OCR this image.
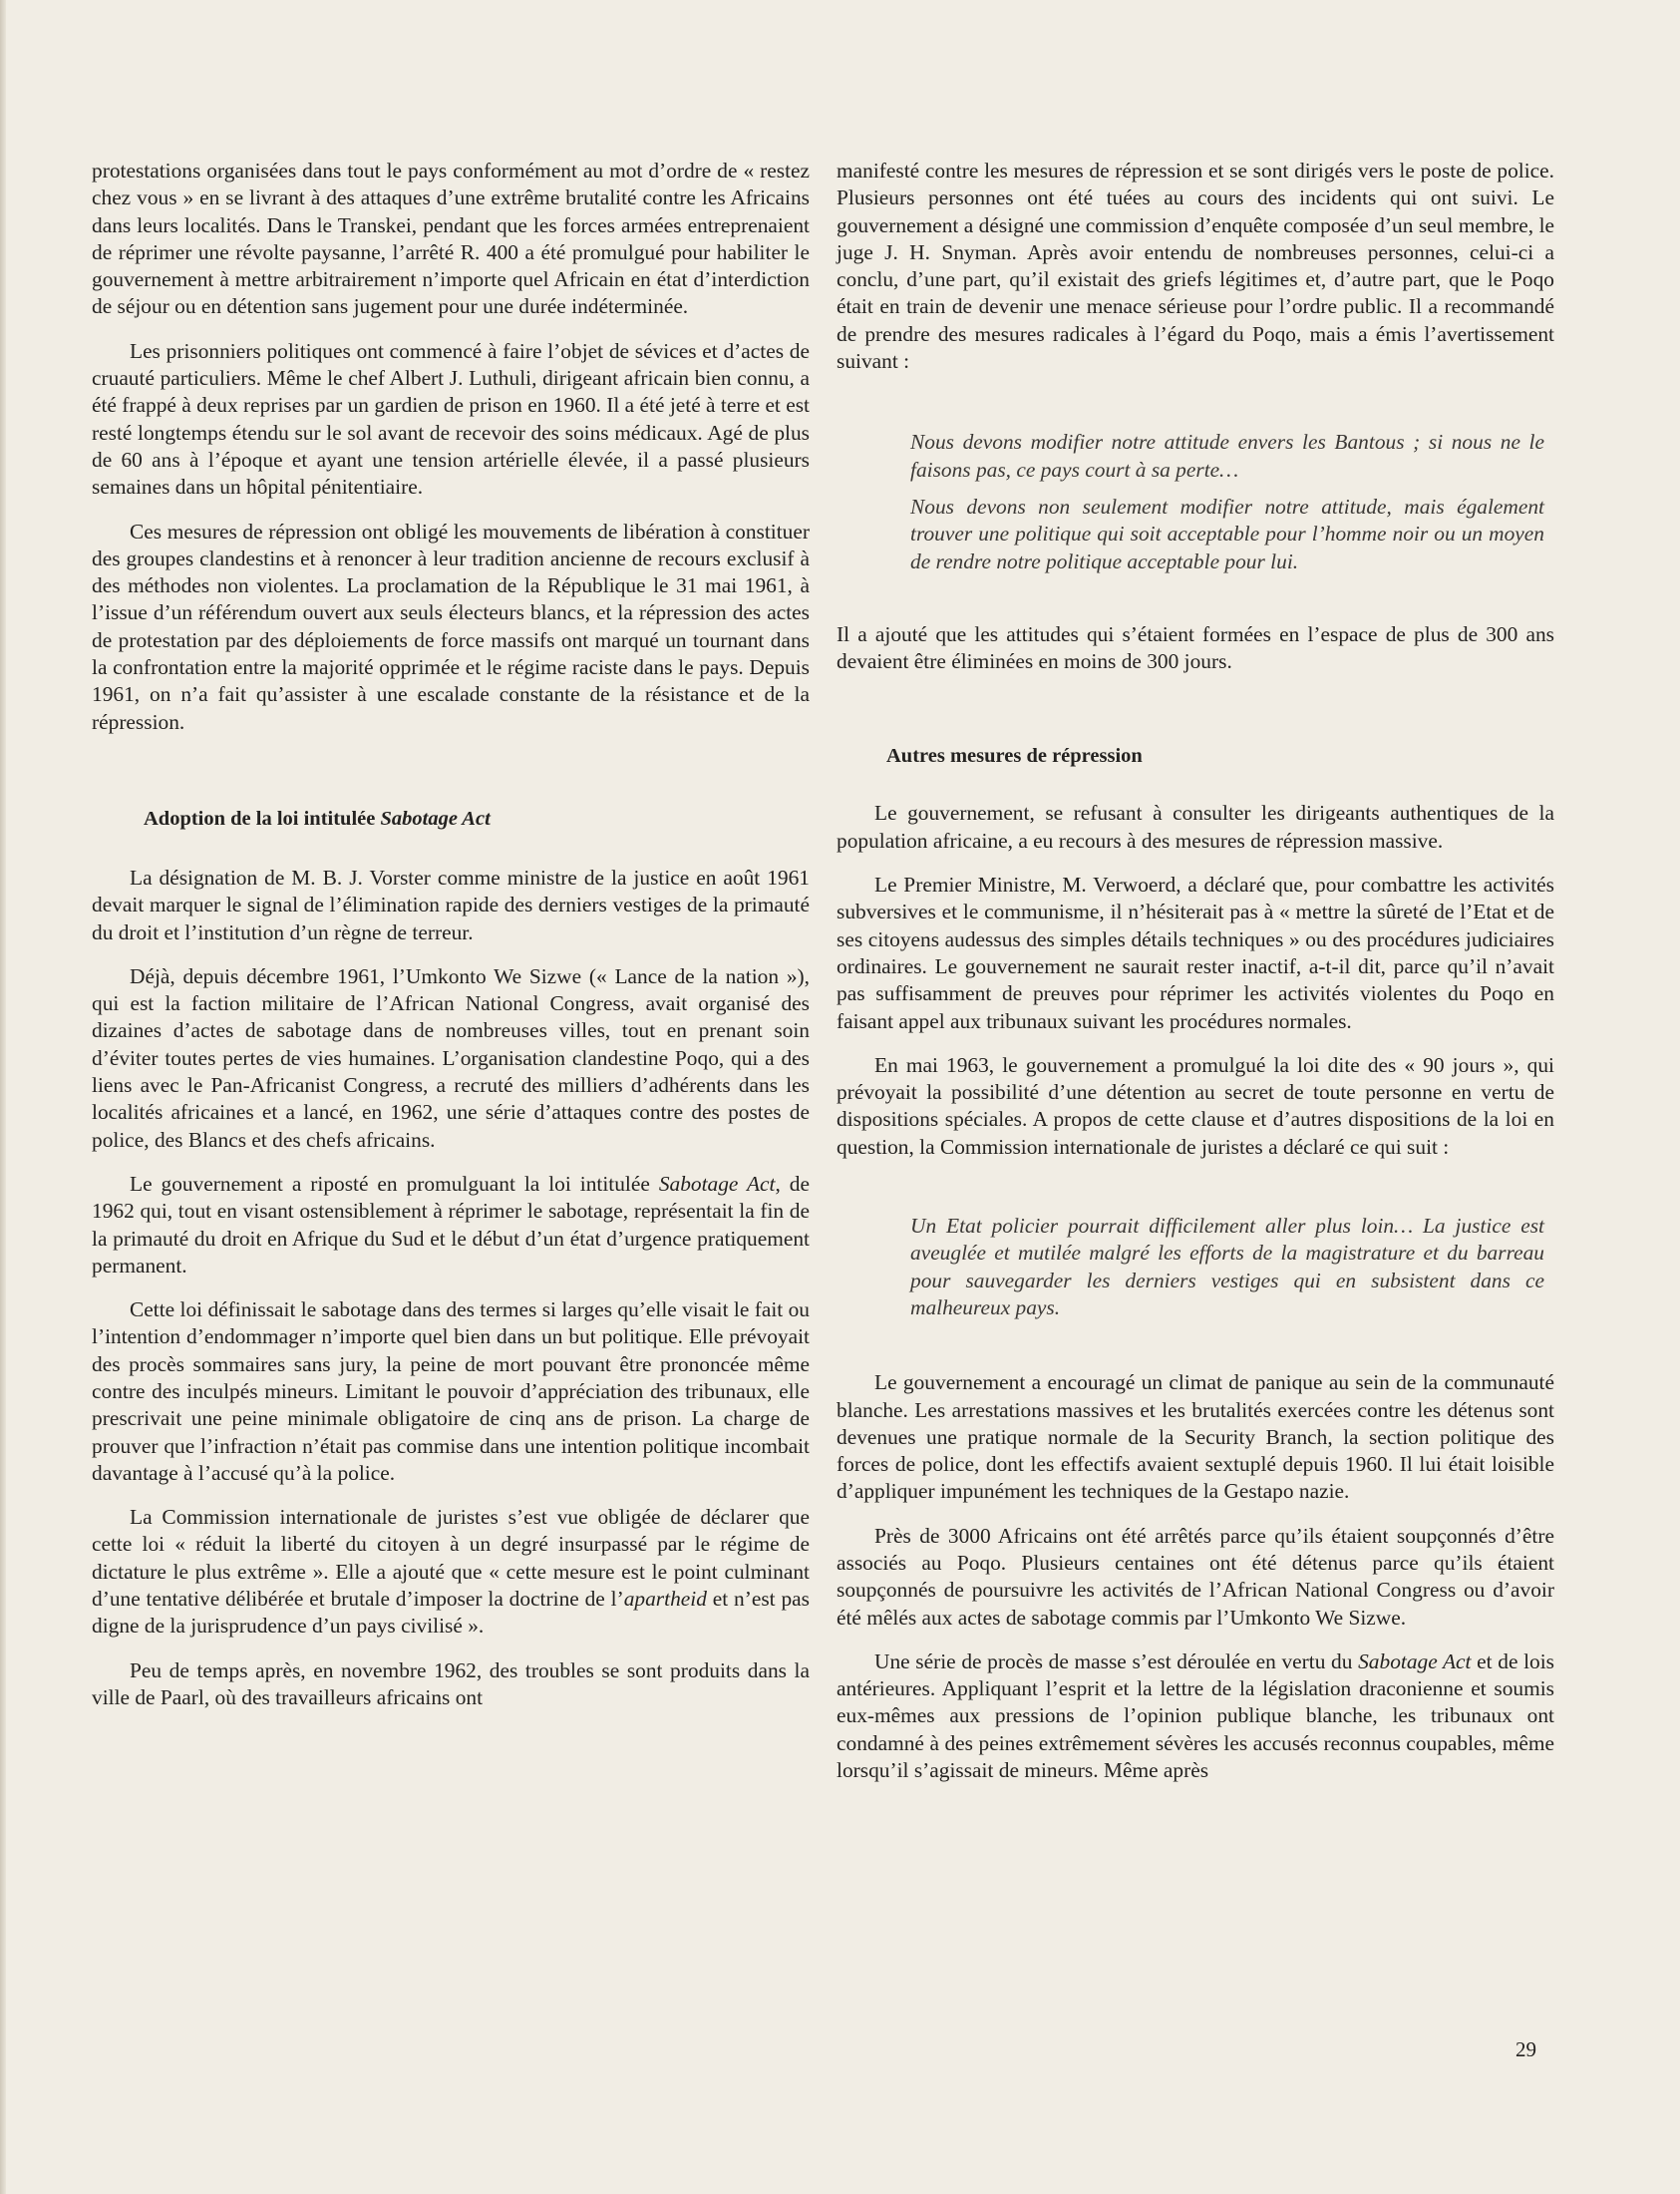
protestations organisées dans tout le pays conformément au mot d’ordre de « restez chez vous » en se livrant à des attaques d’une extrême brutalité contre les Africains dans leurs localités. Dans le Transkei, pendant que les forces armées entreprenaient de réprimer une révolte paysanne, l’arrêté R. 400 a été promulgué pour habiliter le gouvernement à mettre arbitrairement n’importe quel Africain en état d’interdiction de séjour ou en détention sans jugement pour une durée indéterminée.

Les prisonniers politiques ont commencé à faire l’objet de sévices et d’actes de cruauté particuliers. Même le chef Albert J. Luthuli, dirigeant africain bien connu, a été frappé à deux reprises par un gardien de prison en 1960. Il a été jeté à terre et est resté longtemps étendu sur le sol avant de recevoir des soins médicaux. Agé de plus de 60 ans à l’époque et ayant une tension artérielle élevée, il a passé plusieurs semaines dans un hôpital pénitentiaire.

Ces mesures de répression ont obligé les mouvements de libération à constituer des groupes clandestins et à renoncer à leur tradition ancienne de recours exclusif à des méthodes non violentes. La proclamation de la République le 31 mai 1961, à l’issue d’un référendum ouvert aux seuls électeurs blancs, et la répression des actes de protestation par des déploiements de force massifs ont marqué un tournant dans la confrontation entre la majorité opprimée et le régime raciste dans le pays. Depuis 1961, on n’a fait qu’assister à une escalade constante de la résistance et de la répression.

Adoption de la loi intitulée Sabotage Act

La désignation de M. B. J. Vorster comme ministre de la justice en août 1961 devait marquer le signal de l’élimination rapide des derniers vestiges de la primauté du droit et l’institution d’un règne de terreur.

Déjà, depuis décembre 1961, l’Umkonto We Sizwe (« Lance de la nation »), qui est la faction militaire de l’African National Congress, avait organisé des dizaines d’actes de sabotage dans de nombreuses villes, tout en prenant soin d’éviter toutes pertes de vies humaines. L’organisation clandestine Poqo, qui a des liens avec le Pan-Africanist Congress, a recruté des milliers d’adhérents dans les localités africaines et a lancé, en 1962, une série d’attaques contre des postes de police, des Blancs et des chefs africains.

Le gouvernement a riposté en promulguant la loi intitulée Sabotage Act, de 1962 qui, tout en visant ostensiblement à réprimer le sabotage, représentait la fin de la primauté du droit en Afrique du Sud et le début d’un état d’urgence pratiquement permanent.

Cette loi définissait le sabotage dans des termes si larges qu’elle visait le fait ou l’intention d’endommager n’importe quel bien dans un but politique. Elle prévoyait des procès sommaires sans jury, la peine de mort pouvant être prononcée même contre des inculpés mineurs. Limitant le pouvoir d’appréciation des tribunaux, elle prescrivait une peine minimale obligatoire de cinq ans de prison. La charge de prouver que l’infraction n’était pas commise dans une intention politique incombait davantage à l’accusé qu’à la police.

La Commission internationale de juristes s’est vue obligée de déclarer que cette loi « réduit la liberté du citoyen à un degré insurpassé par le régime de dictature le plus extrême ». Elle a ajouté que « cette mesure est le point culminant d’une tentative délibérée et brutale d’imposer la doctrine de l’apartheid et n’est pas digne de la jurisprudence d’un pays civilisé ».

Peu de temps après, en novembre 1962, des troubles se sont produits dans la ville de Paarl, où des travailleurs africains ont

manifesté contre les mesures de répression et se sont dirigés vers le poste de police. Plusieurs personnes ont été tuées au cours des incidents qui ont suivi. Le gouvernement a désigné une commission d’enquête composée d’un seul membre, le juge J. H. Snyman. Après avoir entendu de nombreuses personnes, celui-ci a conclu, d’une part, qu’il existait des griefs légitimes et, d’autre part, que le Poqo était en train de devenir une menace sérieuse pour l’ordre public. Il a recommandé de prendre des mesures radicales à l’égard du Poqo, mais a émis l’avertissement suivant :

Nous devons modifier notre attitude envers les Bantous ; si nous ne le faisons pas, ce pays court à sa perte…

Nous devons non seulement modifier notre attitude, mais également trouver une politique qui soit acceptable pour l’homme noir ou un moyen de rendre notre politique acceptable pour lui.

Il a ajouté que les attitudes qui s’étaient formées en l’espace de plus de 300 ans devaient être éliminées en moins de 300 jours.

Autres mesures de répression

Le gouvernement, se refusant à consulter les dirigeants authentiques de la population africaine, a eu recours à des mesures de répression massive.

Le Premier Ministre, M. Verwoerd, a déclaré que, pour combattre les activités subversives et le communisme, il n’hésiterait pas à « mettre la sûreté de l’Etat et de ses citoyens audessus des simples détails techniques » ou des procédures judiciaires ordinaires. Le gouvernement ne saurait rester inactif, a-t-il dit, parce qu’il n’avait pas suffisamment de preuves pour réprimer les activités violentes du Poqo en faisant appel aux tribunaux suivant les procédures normales.

En mai 1963, le gouvernement a promulgué la loi dite des « 90 jours », qui prévoyait la possibilité d’une détention au secret de toute personne en vertu de dispositions spéciales. A propos de cette clause et d’autres dispositions de la loi en question, la Commission internationale de juristes a déclaré ce qui suit :

Un Etat policier pourrait difficilement aller plus loin… La justice est aveuglée et mutilée malgré les efforts de la magistrature et du barreau pour sauvegarder les derniers vestiges qui en subsistent dans ce malheureux pays.

Le gouvernement a encouragé un climat de panique au sein de la communauté blanche. Les arrestations massives et les brutalités exercées contre les détenus sont devenues une pratique normale de la Security Branch, la section politique des forces de police, dont les effectifs avaient sextuplé depuis 1960. Il lui était loisible d’appliquer impunément les techniques de la Gestapo nazie.

Près de 3000 Africains ont été arrêtés parce qu’ils étaient soupçonnés d’être associés au Poqo. Plusieurs centaines ont été détenus parce qu’ils étaient soupçonnés de poursuivre les activités de l’African National Congress ou d’avoir été mêlés aux actes de sabotage commis par l’Umkonto We Sizwe.

Une série de procès de masse s’est déroulée en vertu du Sabotage Act et de lois antérieures. Appliquant l’esprit et la lettre de la législation draconienne et soumis eux-mêmes aux pressions de l’opinion publique blanche, les tribunaux ont condamné à des peines extrêmement sévères les accusés reconnus coupables, même lorsqu’il s’agissait de mineurs. Même après

29
